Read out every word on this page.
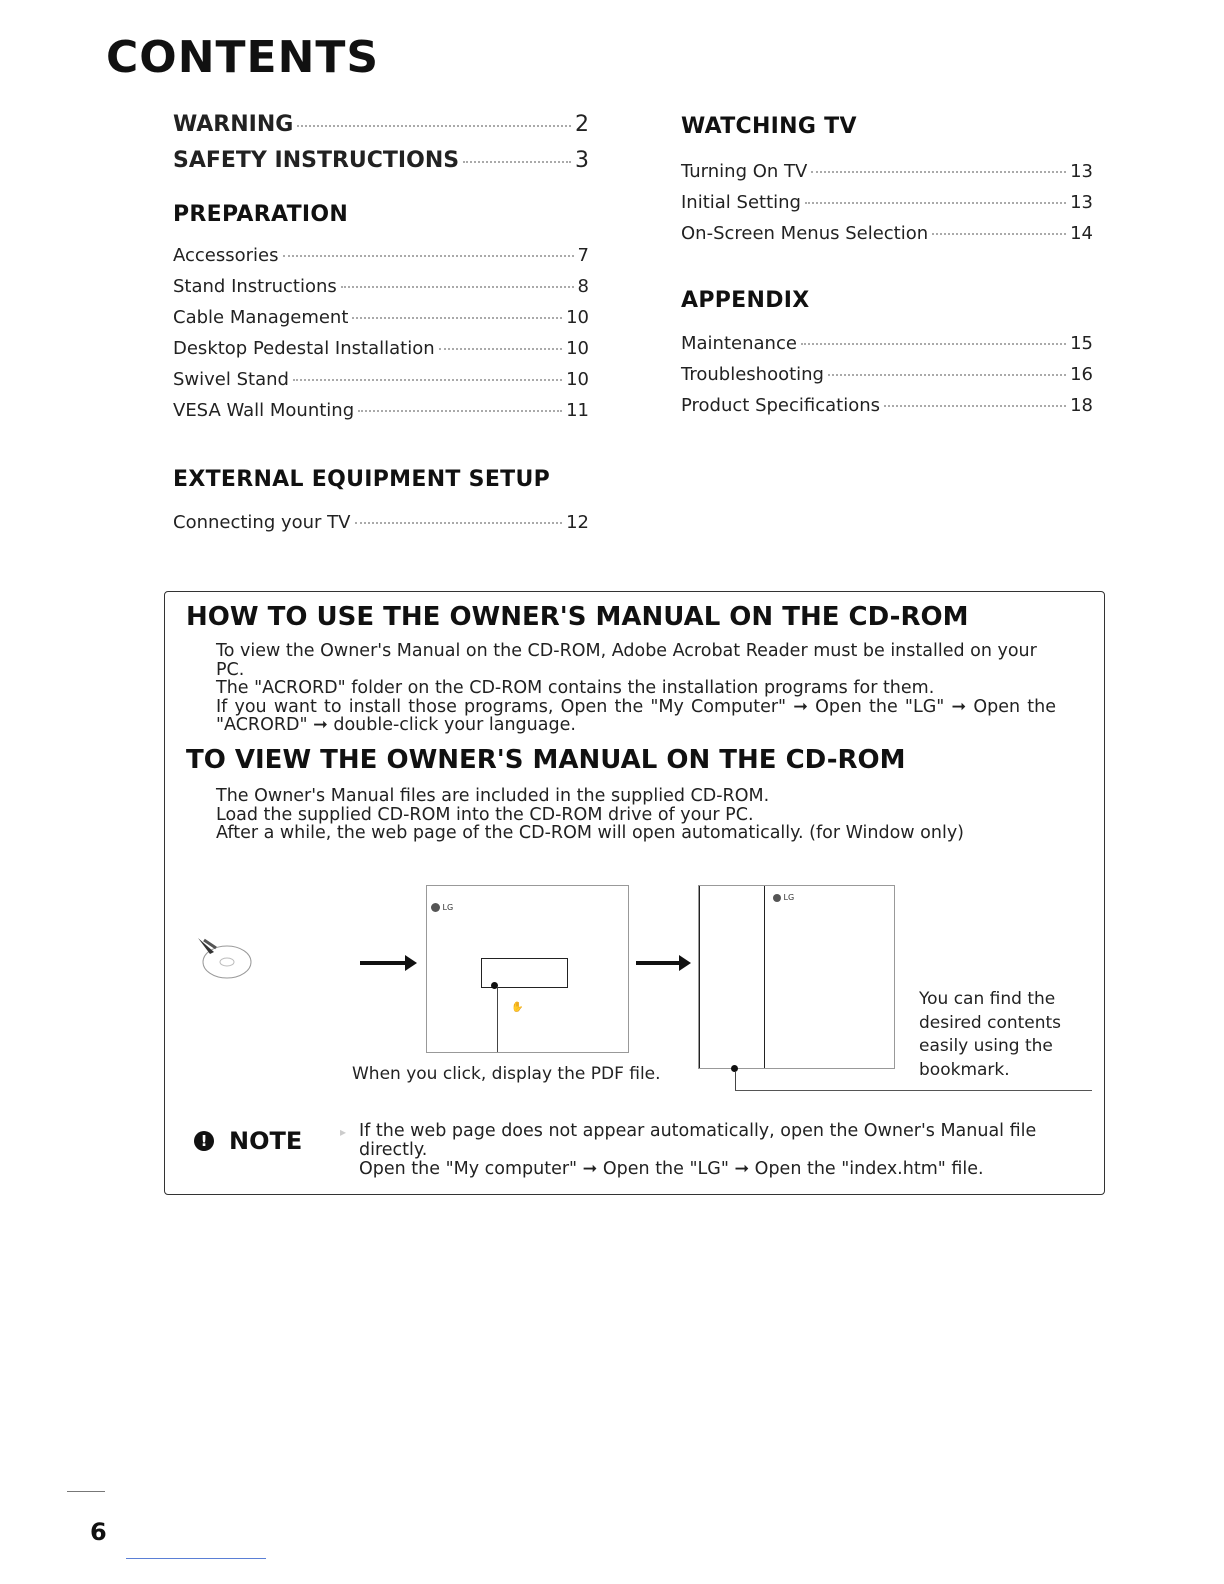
CONTENTS
WARNING	2
SAFETY INSTRUCTIONS	3
PREPARATION
Accessories	7
Stand Instructions	8
Cable Management	10
Desktop Pedestal Installation	10
Swivel Stand	10
VESA Wall Mounting	11
EXTERNAL EQUIPMENT SETUP
Connecting your TV	12
WATCHING TV
Turning On TV	13
Initial Setting	13
On-Screen Menus Selection	14
APPENDIX
Maintenance	15
Troubleshooting	16
Product Specifications	18
HOW TO USE THE OWNER'S MANUAL ON THE CD-ROM

To view the Owner's Manual on the CD-ROM, Adobe Acrobat Reader must be installed on your PC.

The "ACRORD" folder on the CD-ROM contains the installation programs for them.

If you want to install those programs, Open the "My Computer" ➞ Open the "LG" ➞ Open the

"ACRORD" ➞ double-click your language.

TO VIEW THE OWNER'S MANUAL ON THE CD-ROM

The Owner's Manual files are included in the supplied CD-ROM.

Load the supplied CD-ROM into the CD-ROM drive of your PC.

After a while, the web page of the CD-ROM will open automatically. (for Window only)

LG
✋
When you click, display the PDF file.
LG
You can find the
desired contents
easily using the
bookmark.
! NOTE	▸ If the web page does not appear automatically, open the Owner's Manual file directly.
Open the "My computer" ➞ Open the "LG" ➞ Open the "index.htm" file.
6
